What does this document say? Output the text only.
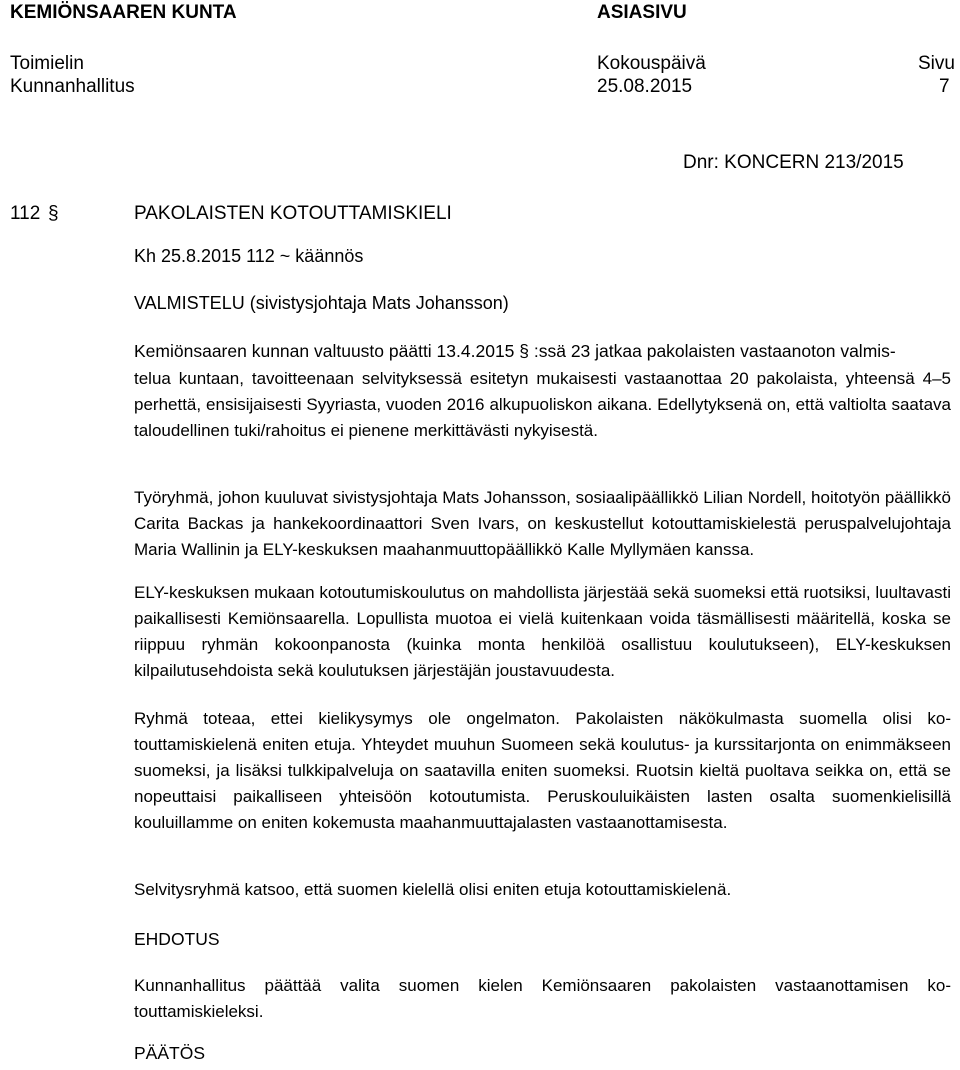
KEMIÖNSAAREN KUNTA	ASIASIVU
Toimielin
Kunnanhallitus
Kokouspäivä
25.08.2015
Sivu
7
Dnr: KONCERN 213/2015
112 §	PAKOLAISTEN KOTOUTTAMISKIELI
Kh 25.8.2015 112 ~ käännös
VALMISTELU (sivistysjohtaja Mats Johansson)
Kemiönsaaren kunnan valtuusto päätti 13.4.2015 § :ssä 23 jatkaa pakolaisten vastaanoton valmis-
telua kuntaan, tavoitteenaan selvityksessä esitetyn mukaisesti vastaanottaa 20 pakolaista, yhteensä 4–5 perhettä, ensisijaisesti Syyriasta, vuoden 2016 alkupuoliskon aikana. Edellytyksenä on, että valtiolta saatava taloudellinen tuki/rahoitus ei pienene merkittävästi nykyisestä.
Työryhmä, johon kuuluvat sivistysjohtaja Mats Johansson, sosiaalipäällikkö Lilian Nordell, hoitotyön päällikkö Carita Backas ja hankekoordinaattori Sven Ivars, on keskustellut kotouttamiskielestä peruspalvelujohtaja Maria Wallinin ja ELY-keskuksen maahanmuuttopäällikkö Kalle Myllymäen kanssa.
ELY-keskuksen mukaan kotoutumiskoulutus on mahdollista järjestää sekä suomeksi että ruotsiksi, luultavasti paikallisesti Kemiönsaarella. Lopullista muotoa ei vielä kuitenkaan voida täsmällisesti määritellä, koska se riippuu ryhmän kokoonpanosta (kuinka monta henkilöä osallistuu koulutukseen), ELY-keskuksen kilpailutusehdoista sekä koulutuksen järjestäjän joustavuudesta.
Ryhmä toteaa, ettei kielikysymys ole ongelmaton. Pakolaisten näkökulmasta suomella olisi kotouttamiskielenä eniten etuja. Yhteydet muuhun Suomeen sekä koulutus- ja kurssitarjonta on enimmäkseen suomeksi, ja lisäksi tulkkipalveluja on saatavilla eniten suomeksi. Ruotsin kieltä puoltava seikka on, että se nopeuttaisi paikalliseen yhteisöön kotoutumista. Peruskouluikäisten lasten osalta suomenkielisillä kouluillamme on eniten kokemusta maahanmuuttajalasten vastaanottamisesta.
Selvitysryhmä katsoo, että suomen kielellä olisi eniten etuja kotouttamiskielenä.
EHDOTUS
Kunnanhallitus päättää valita suomen kielen Kemiönsaaren pakolaisten vastaanottamisen kotouttamiskieleksi.
PÄÄTÖS
